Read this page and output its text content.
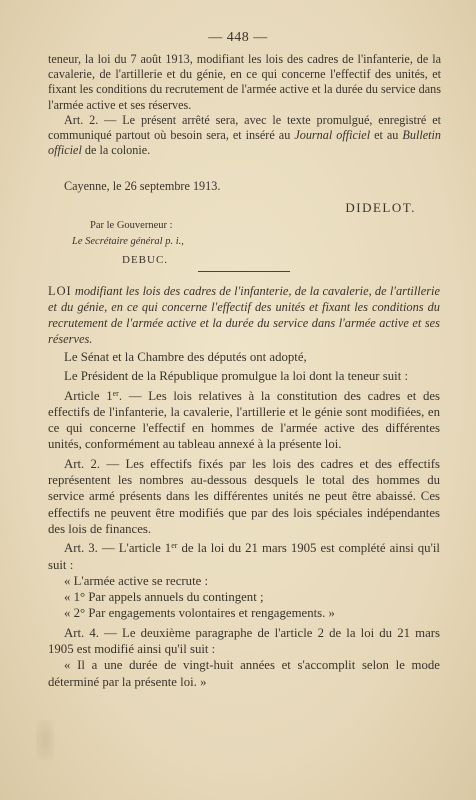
— 448 —

teneur, la loi du 7 août 1913, modifiant les lois des cadres de l'infanterie, de la cavalerie, de l'artillerie et du génie, en ce qui concerne l'effectif des unités, et fixant les conditions du recrutement de l'armée active et la durée du service dans l'armée active et ses réserves.

Art. 2. — Le présent arrêté sera, avec le texte promulgué, enregistré et communiqué partout où besoin sera, et inséré au Journal officiel et au Bulletin officiel de la colonie.

Cayenne, le 26 septembre 1913.
DIDELOT.
Par le Gouverneur :
Le Secrétaire général p. i.,
DEBUC.
LOI modifiant les lois des cadres de l'infanterie, de la cavalerie, de l'artillerie et du génie, en ce qui concerne l'effectif des unités et fixant les conditions du recrutement de l'armée active et la durée du service dans l'armée active et ses réserves.

Le Sénat et la Chambre des députés ont adopté,

Le Président de la République promulgue la loi dont la teneur suit :

Article 1er. — Les lois relatives à la constitution des cadres et des effectifs de l'infanterie, la cavalerie, l'artillerie et le génie sont modifiées, en ce qui concerne l'effectif en hommes de l'armée active des différentes unités, conformément au tableau annexé à la présente loi.

Art. 2. — Les effectifs fixés par les lois des cadres et des effectifs représentent les nombres au-dessous desquels le total des hommes du service armé présents dans les différentes unités ne peut être abaissé. Ces effectifs ne peuvent être modifiés que par des lois spéciales indépendantes des lois de finances.

Art. 3. — L'article 1er de la loi du 21 mars 1905 est complété ainsi qu'il suit :

« L'armée active se recrute :

« 1° Par appels annuels du contingent ;

« 2° Par engagements volontaires et rengagements. »

Art. 4. — Le deuxième paragraphe de l'article 2 de la loi du 21 mars 1905 est modifié ainsi qu'il suit :

« Il a une durée de vingt-huit années et s'accomplit selon le mode déterminé par la présente loi. »
